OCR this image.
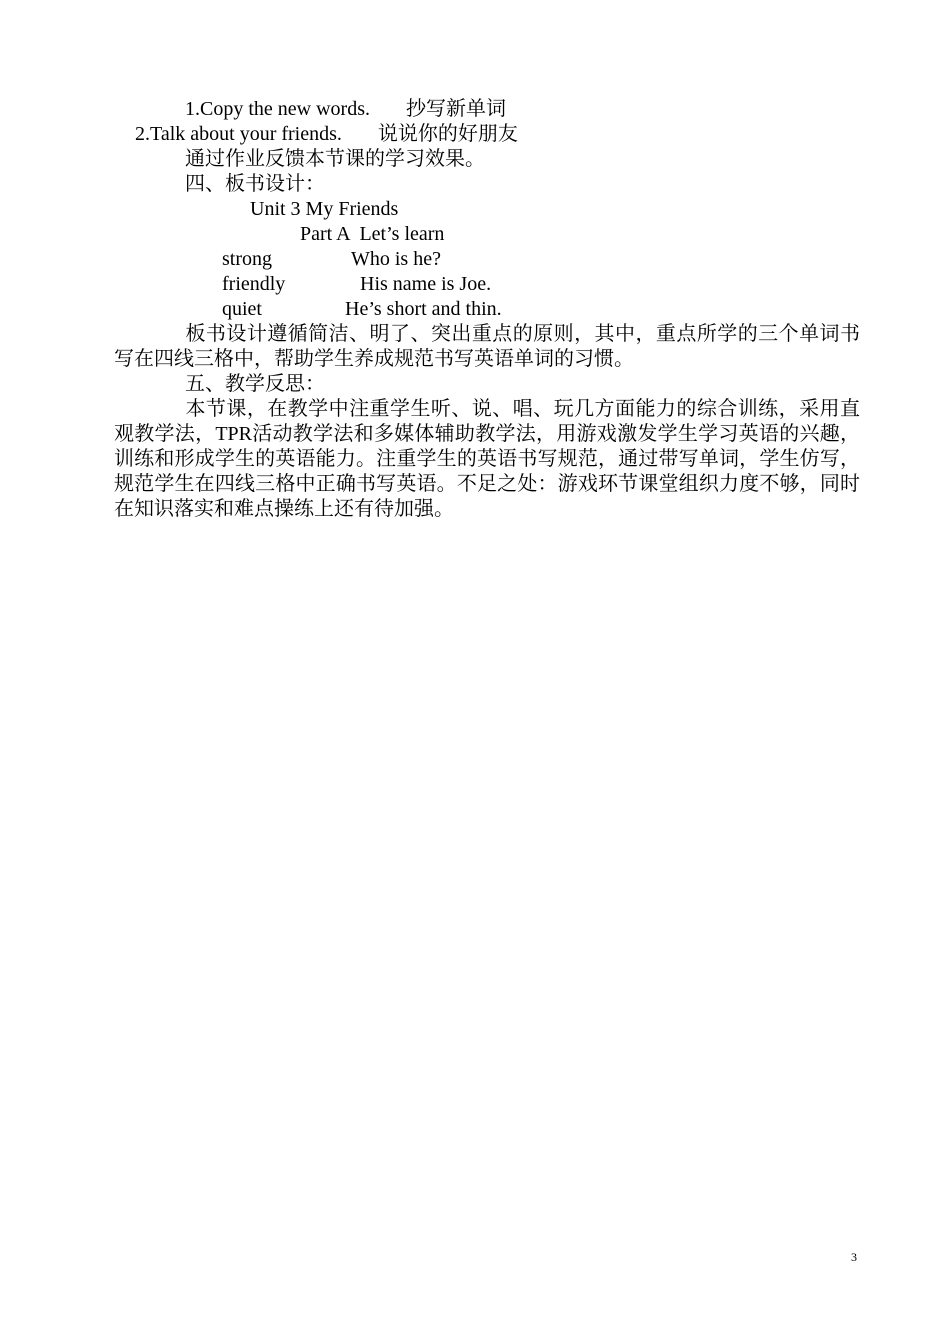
1.Copy the new words. 抄写新单词
2.Talk about your friends. 说说你的好朋友
通过作业反馈本节课的学习效果。
四、板书设计：
Unit 3 My Friends
Part A  Let’s learn
strong	Who is he?
friendly	His name is Joe.
quiet	He’s short and thin.
板书设计遵循简洁、明了、突出重点的原则，其中，重点所学的三个单词书写在四线三格中，帮助学生养成规范书写英语单词的习惯。
五、教学反思：
本节课，在教学中注重学生听、说、唱、玩几方面能力的综合训练，采用直观教学法，TPR活动教学法和多媒体辅助教学法，用游戏激发学生学习英语的兴趣，训练和形成学生的英语能力。注重学生的英语书写规范，通过带写单词，学生仿写，规范学生在四线三格中正确书写英语。不足之处：游戏环节课堂组织力度不够，同时在知识落实和难点操练上还有待加强。
3
